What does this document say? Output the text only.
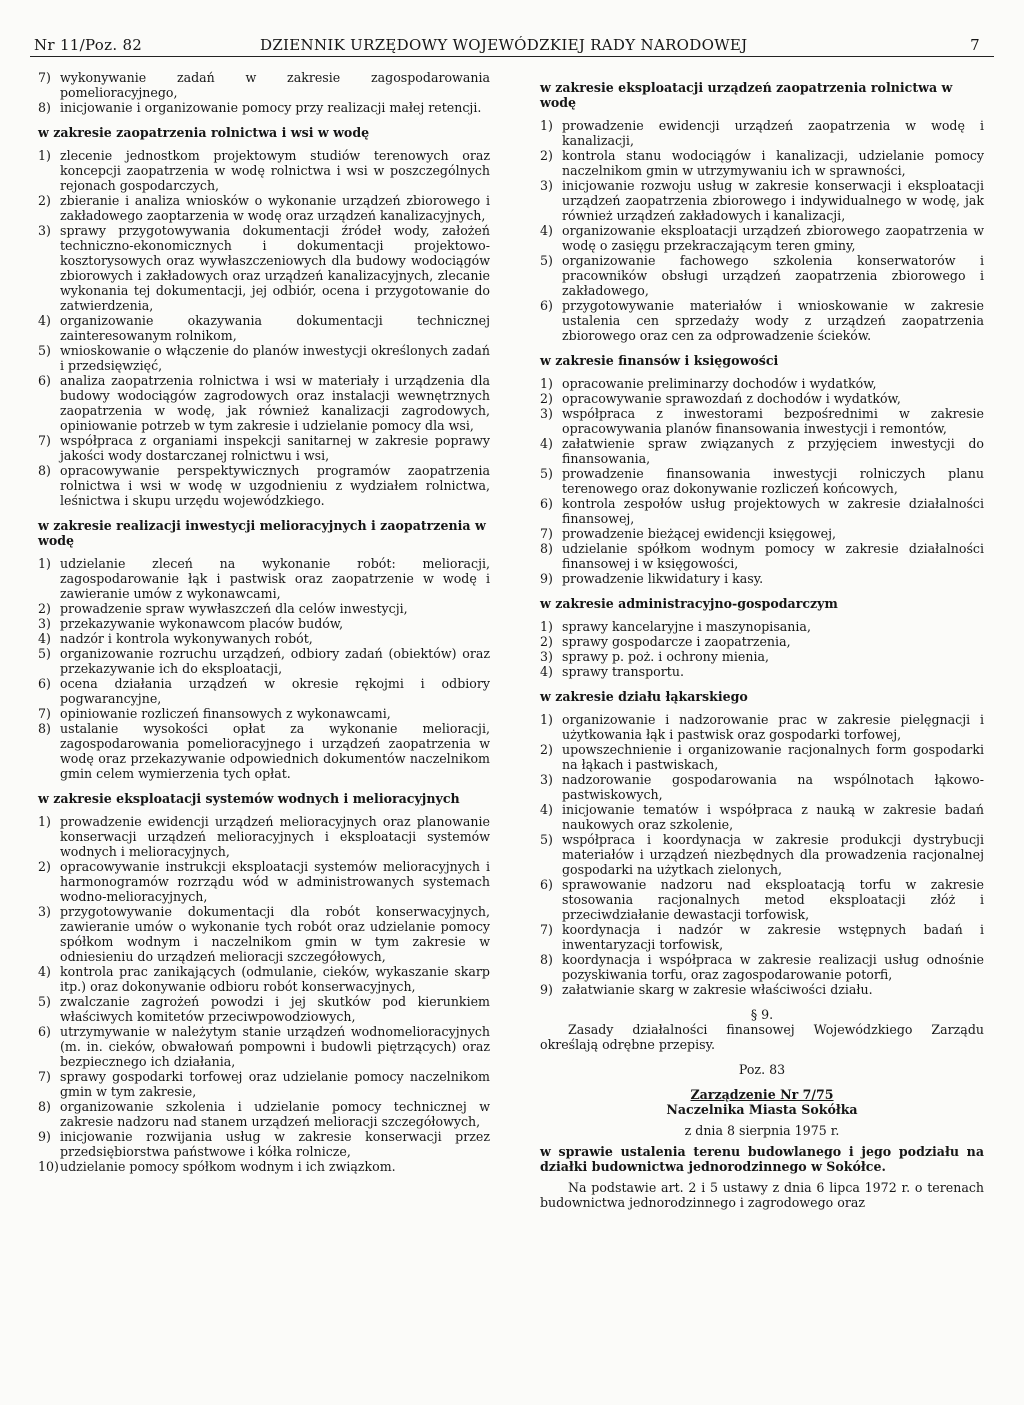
Nr 11/Poz. 82	DZIENNIK URZĘDOWY WOJEWÓDZKIEJ RADY NARODOWEJ	7
7) wykonywanie zadań w zakresie zagospodarowania pomelioracyjnego,
8) inicjowanie i organizowanie pomocy przy realizacji małej retencji.
w zakresie zaopatrzenia rolnictwa i wsi w wodę
1) zlecenie jednostkom projektowym studiów terenowych oraz koncepcji zaopatrzenia w wodę rolnictwa i wsi w poszczególnych rejonach gospodarczych,
2) zbieranie i analiza wniosków o wykonanie urządzeń zbiorowego i zakładowego zaoptarzenia w wodę oraz urządzeń kanalizacyjnych,
3) sprawy przygotowywania dokumentacji źródeł wody, założeń techniczno-ekonomicznych i dokumentacji projektowo-kosztorysowych oraz wywłaszczeniowych dla budowy wodociągów zbiorowych i zakładowych oraz urządzeń kanalizacyjnych, zlecanie wykonania tej dokumentacji, jej odbiór, ocena i przygotowanie do zatwierdzenia,
4) organizowanie okazywania dokumentacji technicznej zainteresowanym rolnikom,
5) wnioskowanie o włączenie do planów inwestycji określonych zadań i przedsięwzięć,
6) analiza zaopatrzenia rolnictwa i wsi w materiały i urządzenia dla budowy wodociągów zagrodowych oraz instalacji wewnętrznych zaopatrzenia w wodę, jak również kanalizacji zagrodowych, opiniowanie potrzeb w tym zakresie i udzielanie pomocy dla wsi,
7) współpraca z organiami inspekcji sanitarnej w zakresie poprawy jakości wody dostarczanej rolnictwu i wsi,
8) opracowywanie perspektywicznych programów zaopatrzenia rolnictwa i wsi w wodę w uzgodnieniu z wydziałem rolnictwa, leśnictwa i skupu urzędu wojewódzkiego.
w zakresie realizacji inwestycji melioracyjnych i zaopatrzenia w wodę
1) udzielanie zleceń na wykonanie robót: melioracji, zagospodarowanie łąk i pastwisk oraz zaopatrzenie w wodę i zawieranie umów z wykonawcami,
2) prowadzenie spraw wywłaszczeń dla celów inwestycji,
3) przekazywanie wykonawcom placów budów,
4) nadzór i kontrola wykonywanych robót,
5) organizowanie rozruchu urządzeń, odbiory zadań (obiektów) oraz przekazywanie ich do eksploatacji,
6) ocena działania urządzeń w okresie rękojmi i odbiory pogwarancyjne,
7) opiniowanie rozliczeń finansowych z wykonawcami,
8) ustalanie wysokości opłat za wykonanie melioracji, zagospodarowania pomelioracyjnego i urządzeń zaopatrzenia w wodę oraz przekazywanie odpowiednich dokumentów naczelnikom gmin celem wymierzenia tych opłat.
w zakresie eksploatacji systemów wodnych i melioracyjnych
1) prowadzenie ewidencji urządzeń melioracyjnych oraz planowanie konserwacji urządzeń melioracyjnych i eksploatacji systemów wodnych i melioracyjnych,
2) opracowywanie instrukcji eksploatacji systemów melioracyjnych i harmonogramów rozrządu wód w administrowanych systemach wodno-melioracyjnych,
3) przygotowywanie dokumentacji dla robót konserwacyjnych, zawieranie umów o wykonanie tych robót oraz udzielanie pomocy spółkom wodnym i naczelnikom gmin w tym zakresie w odniesieniu do urządzeń melioracji szczegółowych,
4) kontrola prac zanikających (odmulanie, cieków, wykaszanie skarp itp.) oraz dokonywanie odbioru robót konserwacyjnych,
5) zwalczanie zagrożeń powodzi i jej skutków pod kierunkiem właściwych komitetów przeciwpowodziowych,
6) utrzymywanie w należytym stanie urządzeń wodnomelioracyjnych (m. in. cieków, obwałowań pompowni i budowli piętrzących) oraz bezpiecznego ich działania,
7) sprawy gospodarki torfowej oraz udzielanie pomocy naczelnikom gmin w tym zakresie,
8) organizowanie szkolenia i udzielanie pomocy technicznej w zakresie nadzoru nad stanem urządzeń melioracji szczegółowych,
9) inicjowanie rozwijania usług w zakresie konserwacji przez przedsiębiorstwa państwowe i kółka rolnicze,
10) udzielanie pomocy spółkom wodnym i ich związkom.
w zakresie eksploatacji urządzeń zaopatrzenia rolnictwa w wodę
1) prowadzenie ewidencji urządzeń zaopatrzenia w wodę i kanalizacji,
2) kontrola stanu wodociągów i kanalizacji, udzielanie pomocy naczelnikom gmin w utrzymywaniu ich w sprawności,
3) inicjowanie rozwoju usług w zakresie konserwacji i eksploatacji urządzeń zaopatrzenia zbiorowego i indywidualnego w wodę, jak również urządzeń zakładowych i kanalizacji,
4) organizowanie eksploatacji urządzeń zbiorowego zaopatrzenia w wodę o zasięgu przekraczającym teren gminy,
5) organizowanie fachowego szkolenia konserwatorów i pracowników obsługi urządzeń zaopatrzenia zbiorowego i zakładowego,
6) przygotowywanie materiałów i wnioskowanie w zakresie ustalenia cen sprzedaży wody z urządzeń zaopatrzenia zbiorowego oraz cen za odprowadzenie ścieków.
w zakresie finansów i księgowości
1) opracowanie preliminarzy dochodów i wydatków,
2) opracowywanie sprawozdań z dochodów i wydatków,
3) współpraca z inwestorami bezpośrednimi w zakresie opracowywania planów finansowania inwestycji i remontów,
4) załatwienie spraw związanych z przyjęciem inwestycji do finansowania,
5) prowadzenie finansowania inwestycji rolniczych planu terenowego oraz dokonywanie rozliczeń końcowych,
6) kontrola zespołów usług projektowych w zakresie działalności finansowej,
7) prowadzenie bieżącej ewidencji księgowej,
8) udzielanie spółkom wodnym pomocy w zakresie działalności finansowej i w księgowości,
9) prowadzenie likwidatury i kasy.
w zakresie administracyjno-gospodarczym
1) sprawy kancelaryjne i maszynopisania,
2) sprawy gospodarcze i zaopatrzenia,
3) sprawy p. poż. i ochrony mienia,
4) sprawy transportu.
w zakresie działu łąkarskiego
1) organizowanie i nadzorowanie prac w zakresie pielęgnacji i użytkowania łąk i pastwisk oraz gospodarki torfowej,
2) upowszechnienie i organizowanie racjonalnych form gospodarki na łąkach i pastwiskach,
3) nadzorowanie gospodarowania na wspólnotach łąkowo-pastwiskowych,
4) inicjowanie tematów i współpraca z nauką w zakresie badań naukowych oraz szkolenie,
5) współpraca i koordynacja w zakresie produkcji dystrybucji materiałów i urządzeń niezbędnych dla prowadzenia racjonalnej gospodarki na użytkach zielonych,
6) sprawowanie nadzoru nad eksploatacją torfu w zakresie stosowania racjonalnych metod eksploatacji złóż i przeciwdziałanie dewastacji torfowisk,
7) koordynacja i nadzór w zakresie wstępnych badań i inwentaryzacji torfowisk,
8) koordynacja i współpraca w zakresie realizacji usług odnośnie pozyskiwania torfu, oraz zagospodarowanie potorfi,
9) załatwianie skarg w zakresie właściwości działu.
§ 9.
Zasady działalności finansowej Wojewódzkiego Zarządu określają odrębne przepisy.
Poz. 83
Zarządzenie Nr 7/75
Naczelnika Miasta Sokółka
z dnia 8 sierpnia 1975 r.
w sprawie ustalenia terenu budowlanego i jego podziału na działki budownictwa jednorodzinnego w Sokółce.
Na podstawie art. 2 i 5 ustawy z dnia 6 lipca 1972 r. o terenach budownictwa jednorodzinnego i zagrodowego oraz
